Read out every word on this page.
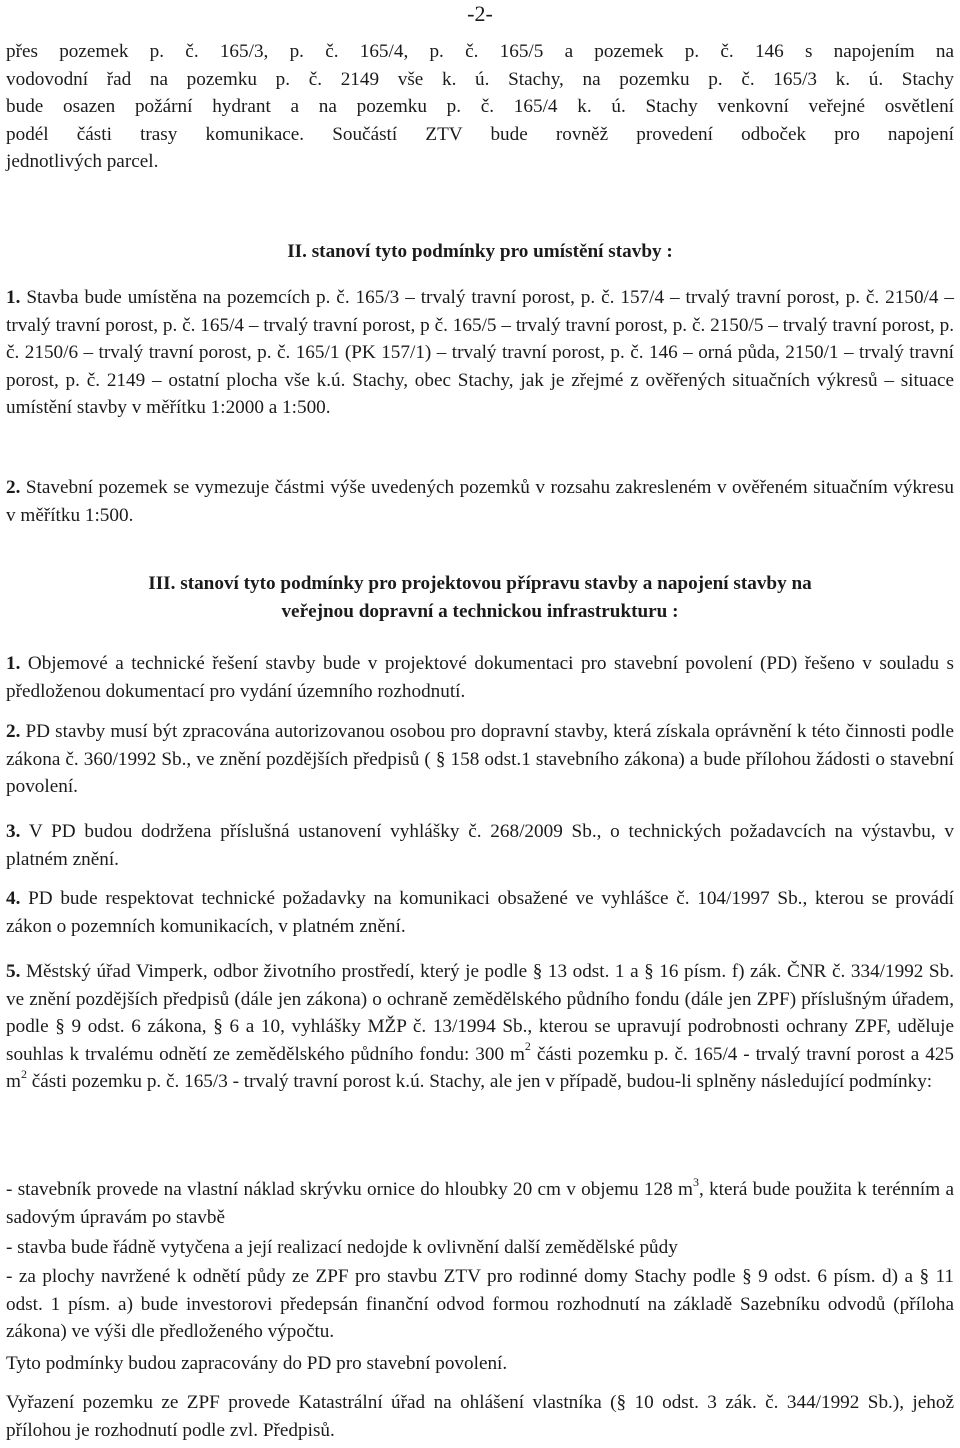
-2-
přes pozemek p. č. 165/3, p. č. 165/4, p. č. 165/5 a pozemek p. č. 146 s napojením na
vodovodní řad na pozemku p. č. 2149 vše k. ú. Stachy, na pozemku p. č. 165/3 k. ú. Stachy
bude osazen požární hydrant a na pozemku p. č. 165/4 k. ú. Stachy venkovní veřejné osvětlení
podél části trasy komunikace. Součástí ZTV bude rovněž provedení odboček pro napojení
jednotlivých parcel.
II. stanoví tyto podmínky pro umístění stavby :
1. Stavba bude umístěna na pozemcích p. č. 165/3 – trvalý travní porost, p. č. 157/4 – trvalý travní porost, p. č. 2150/4 – trvalý travní porost, p. č. 165/4 – trvalý travní porost, p č. 165/5 – trvalý travní porost, p. č. 2150/5 – trvalý travní porost, p. č. 2150/6 – trvalý travní porost, p. č. 165/1 (PK 157/1) – trvalý travní porost, p. č. 146 – orná půda, 2150/1 – trvalý travní porost, p. č. 2149 – ostatní plocha vše k.ú. Stachy, obec Stachy, jak je zřejmé z ověřených situačních výkresů – situace umístění stavby v měřítku 1:2000 a 1:500.
2. Stavební pozemek se vymezuje částmi výše uvedených pozemků v rozsahu zakresleném v ověřeném situačním výkresu v měřítku 1:500.
III. stanoví tyto podmínky pro projektovou přípravu stavby a napojení stavby na
veřejnou dopravní a technickou infrastrukturu :
1. Objemové a technické řešení stavby bude v projektové dokumentaci pro stavební povolení (PD) řešeno v souladu s předloženou dokumentací pro vydání územního rozhodnutí.
2. PD stavby musí být zpracována autorizovanou osobou pro dopravní stavby, která získala oprávnění k této činnosti podle zákona č. 360/1992 Sb., ve znění pozdějších předpisů ( § 158 odst.1 stavebního zákona) a bude přílohou žádosti o stavební povolení.
3. V PD budou dodržena příslušná ustanovení vyhlášky č. 268/2009 Sb., o technických požadavcích na výstavbu, v platném znění.
4. PD bude respektovat technické požadavky na komunikaci obsažené ve vyhlášce č. 104/1997 Sb., kterou se provádí zákon o pozemních komunikacích, v platném znění.
5. Městský úřad Vimperk, odbor životního prostředí, který je podle § 13 odst. 1 a § 16 písm. f) zák. ČNR č. 334/1992 Sb. ve znění pozdějších předpisů (dále jen zákona) o ochraně zemědělského půdního fondu (dále jen ZPF) příslušným úřadem, podle § 9 odst. 6 zákona, § 6 a 10, vyhlášky MŽP č. 13/1994 Sb., kterou se upravují podrobnosti ochrany ZPF, uděluje souhlas k trvalému odnětí ze zemědělského půdního fondu: 300 $m^2$ části pozemku p. č. 165/4 - trvalý travní porost a 425 $m^2$ části pozemku p. č. 165/3 - trvalý travní porost k.ú. Stachy, ale jen v případě, budou-li splněny následující podmínky:
- stavebník provede na vlastní náklad skrývku ornice do hloubky 20 cm v objemu 128 $m^3$, která bude použita k terénním a sadovým úpravám po stavbě
- stavba bude řádně vytyčena a její realizací nedojde k ovlivnění další zemědělské půdy
- za plochy navržené k odnětí půdy ze ZPF pro stavbu ZTV pro rodinné domy Stachy podle § 9 odst. 6 písm. d) a § 11 odst. 1 písm. a) bude investorovi předepsán finanční odvod formou rozhodnutí na základě Sazebníku odvodů (příloha zákona) ve výši dle předloženého výpočtu.
Tyto podmínky budou zapracovány do PD pro stavební povolení.
Vyřazení pozemku ze ZPF provede Katastrální úřad na ohlášení vlastníka (§ 10 odst. 3 zák. č. 344/1992 Sb.), jehož přílohou je rozhodnutí podle zvl. Předpisů.
